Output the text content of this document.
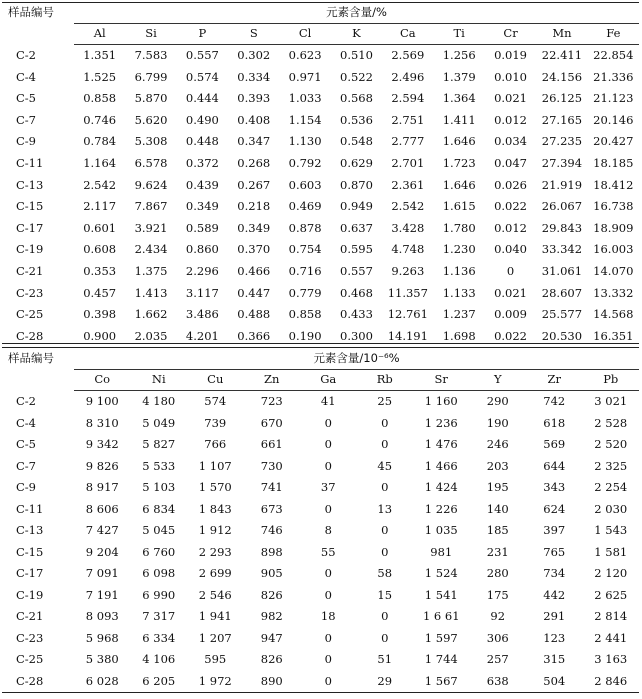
样品编号	元素含量/%										
	Al	Si	P	S	Cl	K	Ca	Ti	Cr	Mn	Fe
C-2	1.351	7.583	0.557	0.302	0.623	0.510	2.569	1.256	0.019	22.411	22.854
C-4	1.525	6.799	0.574	0.334	0.971	0.522	2.496	1.379	0.010	24.156	21.336
C-5	0.858	5.870	0.444	0.393	1.033	0.568	2.594	1.364	0.021	26.125	21.123
C-7	0.746	5.620	0.490	0.408	1.154	0.536	2.751	1.411	0.012	27.165	20.146
C-9	0.784	5.308	0.448	0.347	1.130	0.548	2.777	1.646	0.034	27.235	20.427
C-11	1.164	6.578	0.372	0.268	0.792	0.629	2.701	1.723	0.047	27.394	18.185
C-13	2.542	9.624	0.439	0.267	0.603	0.870	2.361	1.646	0.026	21.919	18.412
C-15	2.117	7.867	0.349	0.218	0.469	0.949	2.542	1.615	0.022	26.067	16.738
C-17	0.601	3.921	0.589	0.349	0.878	0.637	3.428	1.780	0.012	29.843	18.909
C-19	0.608	2.434	0.860	0.370	0.754	0.595	4.748	1.230	0.040	33.342	16.003
C-21	0.353	1.375	2.296	0.466	0.716	0.557	9.263	1.136	0	31.061	14.070
C-23	0.457	1.413	3.117	0.447	0.779	0.468	11.357	1.133	0.021	28.607	13.332
C-25	0.398	1.662	3.486	0.488	0.858	0.433	12.761	1.237	0.009	25.577	14.568
C-28	0.900	2.035	4.201	0.366	0.190	0.300	14.191	1.698	0.022	20.530	16.351
样品编号	元素含量/10⁻⁶%									
	Co	Ni	Cu	Zn	Ga	Rb	Sr	Y	Zr	Pb
C-2	9 100	4 180	574	723	41	25	1 160	290	742	3 021
C-4	8 310	5 049	739	670	0	0	1 236	190	618	2 528
C-5	9 342	5 827	766	661	0	0	1 476	246	569	2 520
C-7	9 826	5 533	1 107	730	0	45	1 466	203	644	2 325
C-9	8 917	5 103	1 570	741	37	0	1 424	195	343	2 254
C-11	8 606	6 834	1 843	673	0	13	1 226	140	624	2 030
C-13	7 427	5 045	1 912	746	8	0	1 035	185	397	1 543
C-15	9 204	6 760	2 293	898	55	0	981	231	765	1 581
C-17	7 091	6 098	2 699	905	0	58	1 524	280	734	2 120
C-19	7 191	6 990	2 546	826	0	15	1 541	175	442	2 625
C-21	8 093	7 317	1 941	982	18	0	1 6 61	92	291	2 814
C-23	5 968	6 334	1 207	947	0	0	1 597	306	123	2 441
C-25	5 380	4 106	595	826	0	51	1 744	257	315	3 163
C-28	6 028	6 205	1 972	890	0	29	1 567	638	504	2 846
